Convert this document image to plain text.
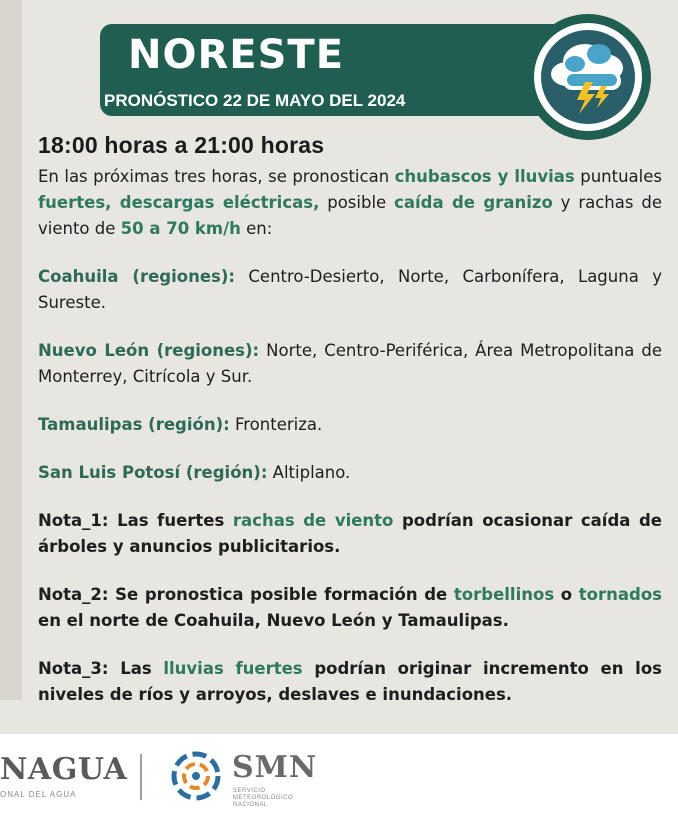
NORESTE
PRONÓSTICO 22 DE MAYO DEL 2024
18:00 horas a 21:00 horas

En las próximas tres horas, se pronostican chubascos y lluvias puntuales fuertes, descargas eléctricas, posible caída de granizo y rachas de viento de 50 a 70 km/h en:

Coahuila (regiones): Centro-Desierto, Norte, Carbonífera, Laguna y Sureste.

Nuevo León (regiones): Norte, Centro-Periférica, Área Metropolitana de Monterrey, Citrícola y Sur.

Tamaulipas (región): Fronteriza.

San Luis Potosí (región): Altiplano.

Nota_1: Las fuertes rachas de viento podrían ocasionar caída de árboles y anuncios publicitarios.

Nota_2: Se pronostica posible formación de torbellinos o tornados en el norte de Coahuila, Nuevo León y Tamaulipas.

Nota_3: Las lluvias fuertes podrían originar incremento en los niveles de ríos y arroyos, deslaves e inundaciones.

NAGUA
ONAL DEL AGUA
SMN
SERVICIO METEOROLÓGICO NACIONAL
